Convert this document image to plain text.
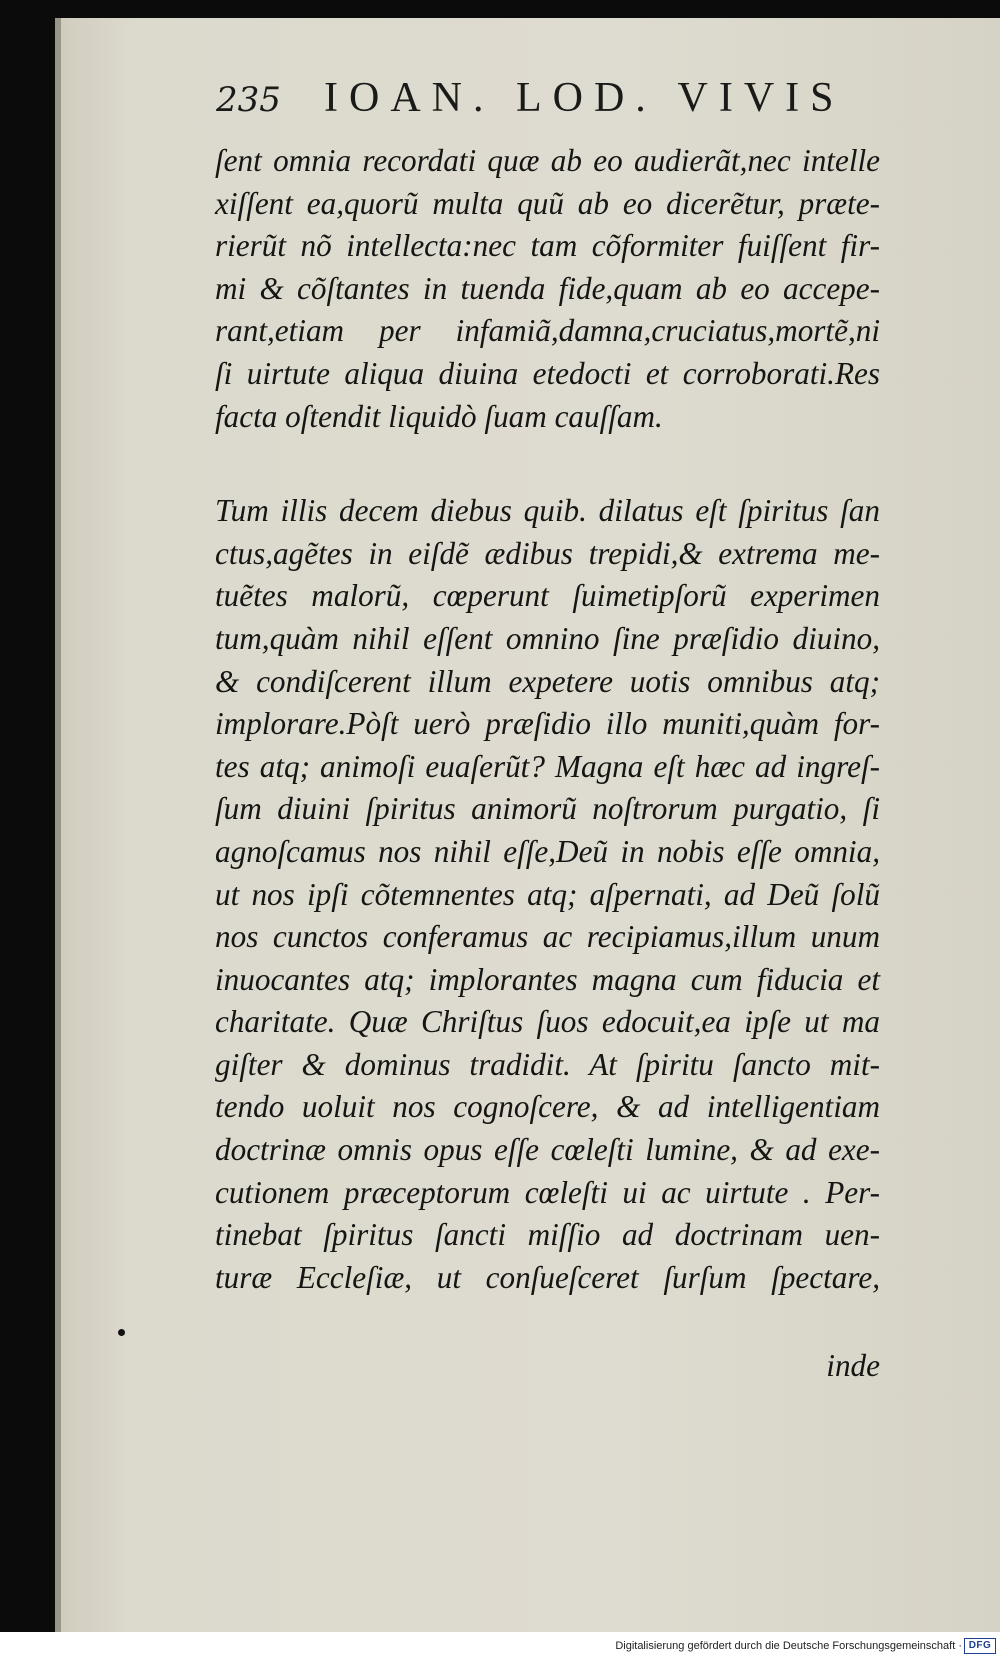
235 IOAN. LOD. VIVIS
ſent omnia recordati quæ ab eo audierãt,nec intelle
xiſſent ea,quorũ multa quũ ab eo dicerẽtur, præte-
rierũt nõ intellecta:nec tam cõformiter fuiſſent fir-
mi & cõſtantes in tuenda fide,quam ab eo accepe-
rant,etiam per infamiã,damna,cruciatus,mortẽ,ni
ſi uirtute aliqua diuina etedocti et corroborati.Res
facta oſtendit liquidò ſuam cauſſam.
Tum illis decem diebus quib. dilatus eſt ſpiritus ſan
ctus,agẽtes in eiſdẽ ædibus trepidi,& extrema me-
tuẽtes malorũ, cœperunt ſuimetipſorũ experimen
tum,quàm nihil eſſent omnino ſine præſidio diuino,
& condiſcerent illum expetere uotis omnibus atq;
implorare.Pòſt uerò præſidio illo muniti,quàm for-
tes atq; animoſi euaſerũt? Magna eſt hæc ad ingreſ-
ſum diuini ſpiritus animorũ noſtrorum purgatio, ſi
agnoſcamus nos nihil eſſe,Deũ in nobis eſſe omnia,
ut nos ipſi cõtemnentes atq; aſpernati, ad Deũ ſolũ
nos cunctos conferamus ac recipiamus,illum unum
inuocantes atq; implorantes magna cum fiducia et
charitate. Quæ Chriſtus ſuos edocuit,ea ipſe ut ma
giſter & dominus tradidit. At ſpiritu ſancto mit-
tendo uoluit nos cognoſcere, & ad intelligentiam
doctrinæ omnis opus eſſe cœleſti lumine, & ad exe-
cutionem præceptorum cœleſti ui ac uirtute . Per-
tinebat ſpiritus ſancti miſſio ad doctrinam uen-
turæ Eccleſiæ, ut conſueſceret ſurſum ſpectare,
inde
Digitalisierung gefördert durch die Deutsche Forschungsgemeinschaft · DFG
